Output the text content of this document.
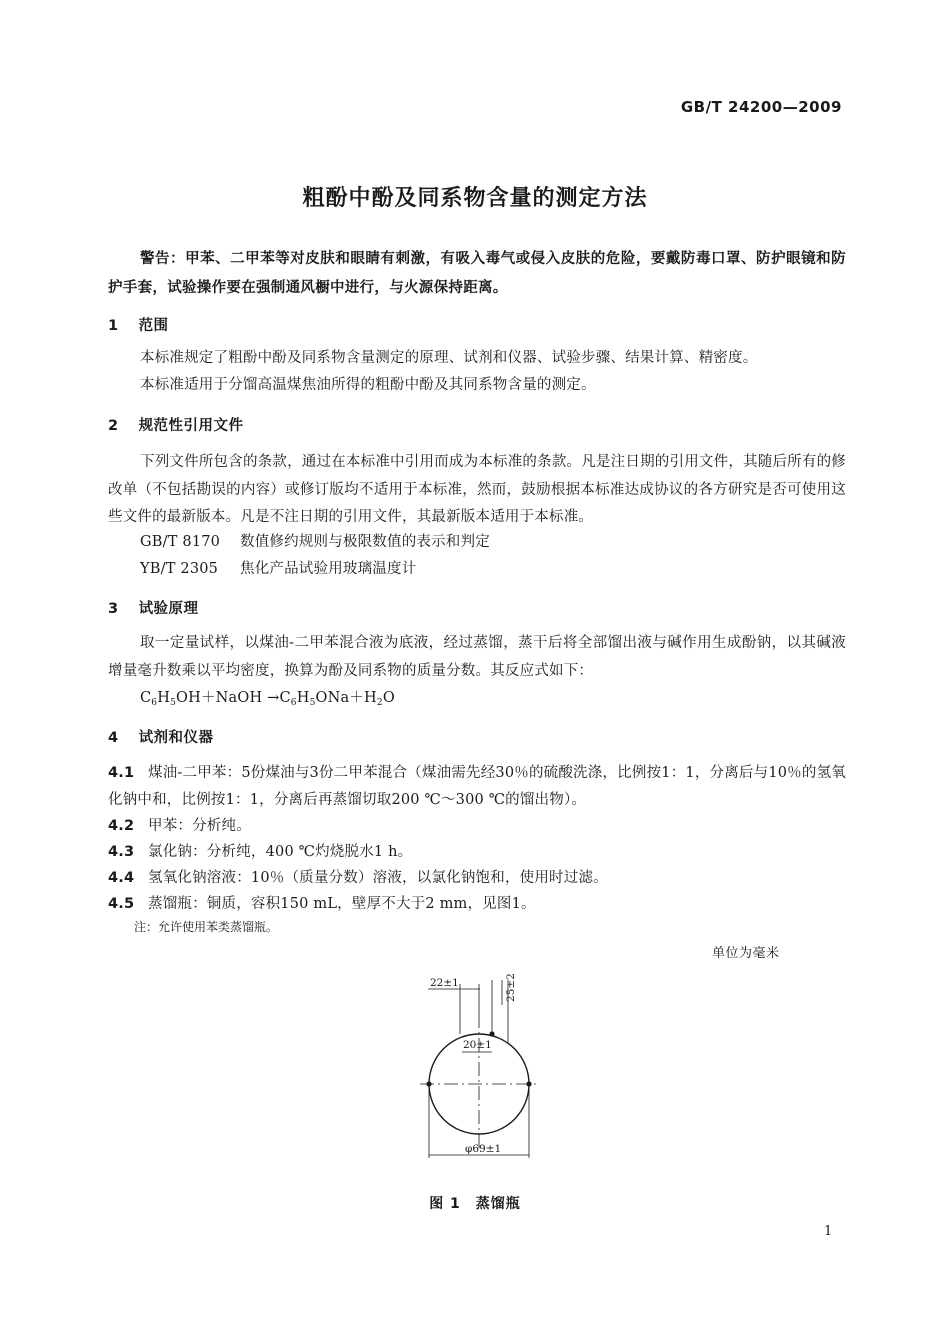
GB/T 24200—2009
粗酚中酚及同系物含量的测定方法
警告：甲苯、二甲苯等对皮肤和眼睛有刺激，有吸入毒气或侵入皮肤的危险，要戴防毒口罩、防护眼镜和防护手套，试验操作要在强制通风橱中进行，与火源保持距离。
1 范围
本标准规定了粗酚中酚及同系物含量测定的原理、试剂和仪器、试验步骤、结果计算、精密度。
本标准适用于分馏高温煤焦油所得的粗酚中酚及其同系物含量的测定。
2 规范性引用文件
下列文件所包含的条款，通过在本标准中引用而成为本标准的条款。凡是注日期的引用文件，其随后所有的修改单（不包括勘误的内容）或修订版均不适用于本标准，然而，鼓励根据本标准达成协议的各方研究是否可使用这些文件的最新版本。凡是不注日期的引用文件，其最新版本适用于本标准。
GB/T 8170 数值修约规则与极限数值的表示和判定
YB/T 2305 焦化产品试验用玻璃温度计
3 试验原理
取一定量试样，以煤油-二甲苯混合液为底液，经过蒸馏，蒸干后将全部馏出液与碱作用生成酚钠，以其碱液增量毫升数乘以平均密度，换算为酚及同系物的质量分数。其反应式如下：
$C_6H_5OH+NaOH \to C_6H_5ONa+H_2O$
4 试剂和仪器
4.1 煤油-二甲苯：5份煤油与3份二甲苯混合（煤油需先经30％的硫酸洗涤，比例按1：1，分离后与10％的氢氧化钠中和，比例按1：1，分离后再蒸馏切取200 ℃～300 ℃的馏出物）。
4.2 甲苯：分析纯。
4.3 氯化钠：分析纯，400 ℃灼烧脱水1 h。
4.4 氢氧化钠溶液：10％（质量分数）溶液，以氯化钠饱和，使用时过滤。
4.5 蒸馏瓶：铜质，容积150 mL，壁厚不大于2 mm，见图1。
注：允许使用苯类蒸馏瓶。
单位为毫米
22±1	25±2
20±1
φ69±1
图 1　蒸馏瓶
1
